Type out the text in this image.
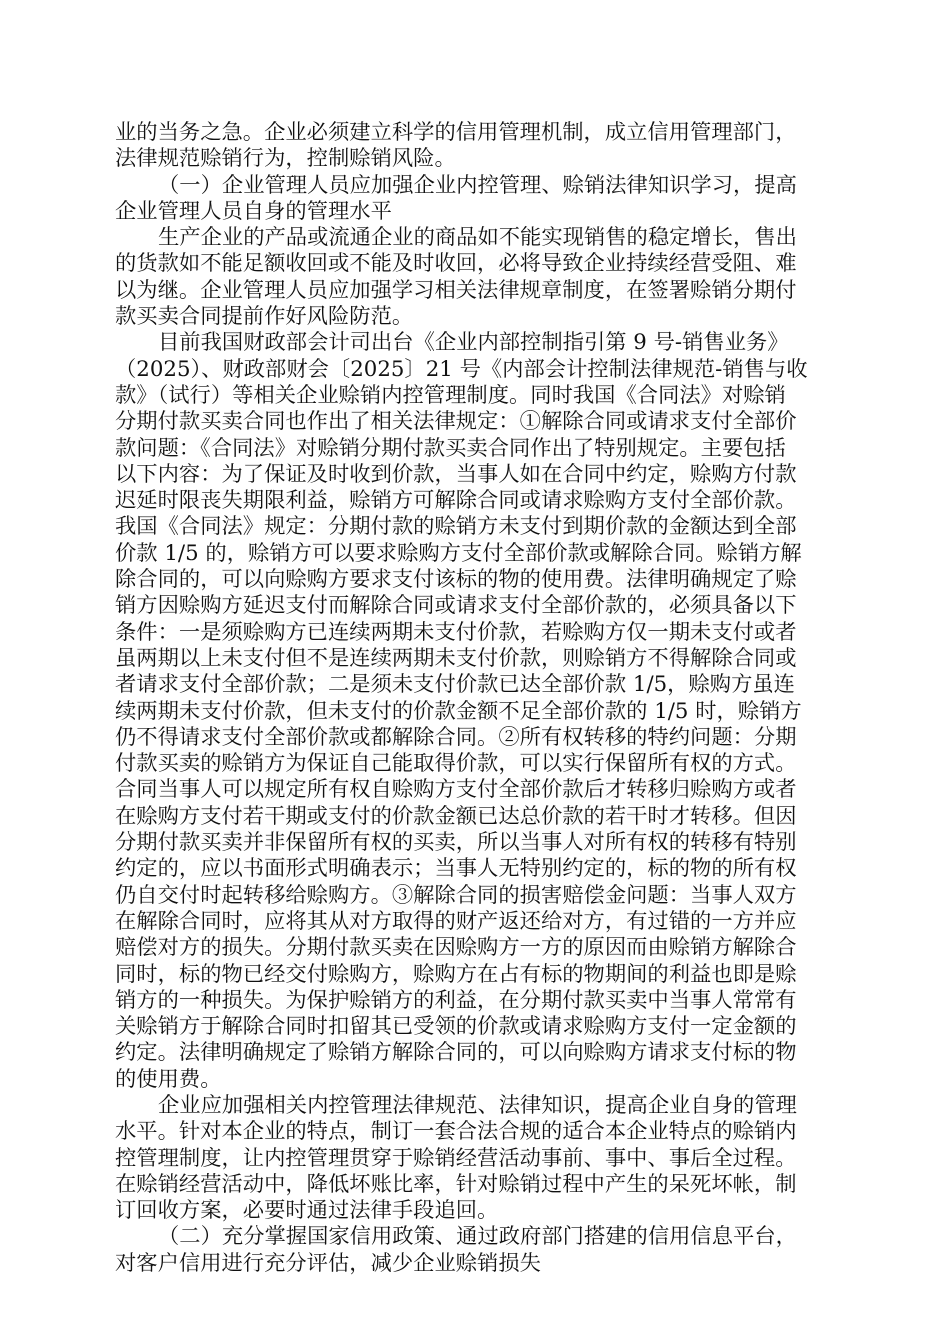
业的当务之急。企业必须建立科学的信用管理机制，成立信用管理部门，
法律规范赊销行为，控制赊销风险。
（一）企业管理人员应加强企业内控管理、赊销法律知识学习，提高
企业管理人员自身的管理水平
生产企业的产品或流通企业的商品如不能实现销售的稳定增长，售出
的货款如不能足额收回或不能及时收回，必将导致企业持续经营受阻、难
以为继。企业管理人员应加强学习相关法律规章制度，在签署赊销分期付
款买卖合同提前作好风险防范。
目前我国财政部会计司出台《企业内部控制指引第 9 号-销售业务》
（2025）、财政部财会〔2025〕21 号《内部会计控制法律规范-销售与收
款》（试行）等相关企业赊销内控管理制度。同时我国《合同法》对赊销
分期付款买卖合同也作出了相关法律规定：①解除合同或请求支付全部价
款问题：《合同法》对赊销分期付款买卖合同作出了特别规定。主要包括
以下内容：为了保证及时收到价款，当事人如在合同中约定，赊购方付款
迟延时限丧失期限利益，赊销方可解除合同或请求赊购方支付全部价款。
我国《合同法》规定：分期付款的赊销方未支付到期价款的金额达到全部
价款 1/5 的，赊销方可以要求赊购方支付全部价款或解除合同。赊销方解
除合同的，可以向赊购方要求支付该标的物的使用费。法律明确规定了赊
销方因赊购方延迟支付而解除合同或请求支付全部价款的，必须具备以下
条件：一是须赊购方已连续两期未支付价款，若赊购方仅一期未支付或者
虽两期以上未支付但不是连续两期未支付价款，则赊销方不得解除合同或
者请求支付全部价款；二是须未支付价款已达全部价款 1/5，赊购方虽连
续两期未支付价款，但未支付的价款金额不足全部价款的 1/5 时，赊销方
仍不得请求支付全部价款或都解除合同。②所有权转移的特约问题：分期
付款买卖的赊销方为保证自己能取得价款，可以实行保留所有权的方式。
合同当事人可以规定所有权自赊购方支付全部价款后才转移归赊购方或者
在赊购方支付若干期或支付的价款金额已达总价款的若干时才转移。但因
分期付款买卖并非保留所有权的买卖，所以当事人对所有权的转移有特别
约定的，应以书面形式明确表示；当事人无特别约定的，标的物的所有权
仍自交付时起转移给赊购方。③解除合同的损害赔偿金问题：当事人双方
在解除合同时，应将其从对方取得的财产返还给对方，有过错的一方并应
赔偿对方的损失。分期付款买卖在因赊购方一方的原因而由赊销方解除合
同时，标的物已经交付赊购方，赊购方在占有标的物期间的利益也即是赊
销方的一种损失。为保护赊销方的利益，在分期付款买卖中当事人常常有
关赊销方于解除合同时扣留其已受领的价款或请求赊购方支付一定金额的
约定。法律明确规定了赊销方解除合同的，可以向赊购方请求支付标的物
的使用费。
企业应加强相关内控管理法律规范、法律知识，提高企业自身的管理
水平。针对本企业的特点，制订一套合法合规的适合本企业特点的赊销内
控管理制度，让内控管理贯穿于赊销经营活动事前、事中、事后全过程。
在赊销经营活动中，降低坏账比率，针对赊销过程中产生的呆死坏帐，制
订回收方案，必要时通过法律手段追回。
（二）充分掌握国家信用政策、通过政府部门搭建的信用信息平台，
对客户信用进行充分评估，减少企业赊销损失
